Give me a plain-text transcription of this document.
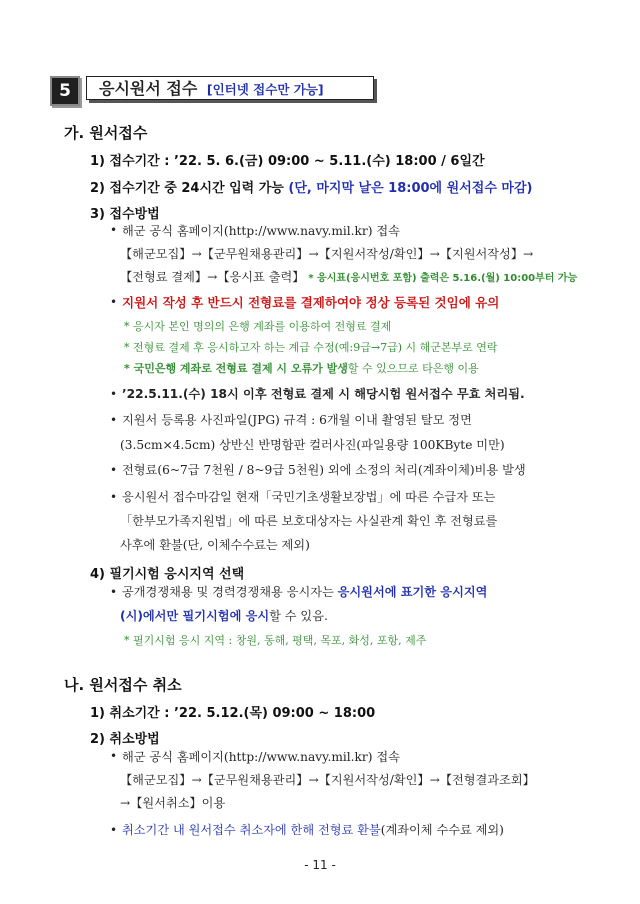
5	응시원서 접수 [인터넷 접수만 가능]
가. 원서접수
1) 접수기간 : ’22. 5. 6.(금) 09:00 ~ 5.11.(수) 18:00 / 6일간
2) 접수기간 중 24시간 입력 가능 (단, 마지막 날은 18:00에 원서접수 마감)
3) 접수방법
• 해군 공식 홈페이지(http://www.navy.mil.kr) 접속
【해군모집】→【군무원채용관리】→【지원서작성/확인】→【지원서작성】→
【전형료 결제】→【응시표 출력】 * 응시표(응시번호 포함) 출력은 5.16.(월) 10:00부터 가능
• 지원서 작성 후 반드시 전형료를 결제하여야 정상 등록된 것임에 유의
* 응시자 본인 명의의 은행 계좌를 이용하여 전형료 결제
* 전형료 결제 후 응시하고자 하는 계급 수정(예:9급→7급) 시 해군본부로 연락
* 국민은행 계좌로 전형료 결제 시 오류가 발생할 수 있으므로 타은행 이용
• ’22.5.11.(수) 18시 이후 전형료 결제 시 해당시험 원서접수 무효 처리됨.
• 지원서 등록용 사진파일(JPG) 규격 : 6개월 이내 촬영된 탈모 정면
(3.5cm×4.5cm) 상반신 반명함판 컬러사진(파일용량 100KByte 미만)
• 전형료(6~7급 7천원 / 8~9급 5천원) 외에 소정의 처리(계좌이체)비용 발생
• 응시원서 접수마감일 현재「국민기초생활보장법」에 따른 수급자 또는
「한부모가족지원법」에 따른 보호대상자는 사실관계 확인 후 전형료를
사후에 환불(단, 이체수수료는 제외)
4) 필기시험 응시지역 선택
• 공개경쟁채용 및 경력경쟁채용 응시자는 응시원서에 표기한 응시지역
(시)에서만 필기시험에 응시할 수 있음.
* 필기시험 응시 지역 : 창원, 동해, 평택, 목포, 화성, 포항, 제주
나. 원서접수 취소
1) 취소기간 : ’22. 5.12.(목) 09:00 ~ 18:00
2) 취소방법
• 해군 공식 홈페이지(http://www.navy.mil.kr) 접속
【해군모집】→【군무원채용관리】→【지원서작성/확인】→【전형결과조회】
→【원서취소】이용
• 취소기간 내 원서접수 취소자에 한해 전형료 환불(계좌이체 수수료 제외)
- 11 -
